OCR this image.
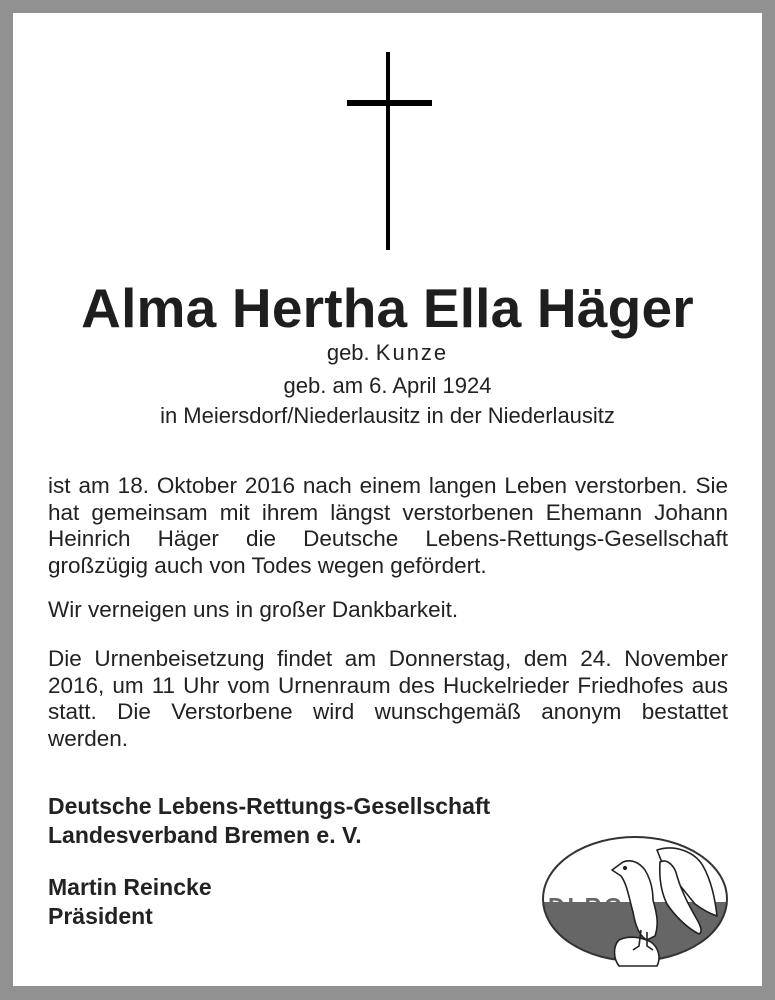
Alma Hertha Ella Häger
geb. Kunze
geb. am 6. April 1924
in Meiersdorf/Niederlausitz in der Niederlausitz
ist am 18. Oktober 2016 nach einem langen Leben verstorben. Sie hat gemeinsam mit ihrem längst verstorbenen Ehemann Johann Heinrich Häger die Deutsche Lebens-Rettungs-Gesellschaft großzügig auch von Todes wegen gefördert.
Wir verneigen uns in großer Dankbarkeit.
Die Urnenbeisetzung findet am Donnerstag, dem 24. November 2016, um 11 Uhr vom Urnenraum des Huckelrieder Friedhofes aus statt. Die Verstorbene wird wunschgemäß anonym bestattet werden.
Deutsche Lebens-Rettungs-Gesellschaft
Landesverband Bremen e. V.
Martin Reincke
Präsident	DLRG
